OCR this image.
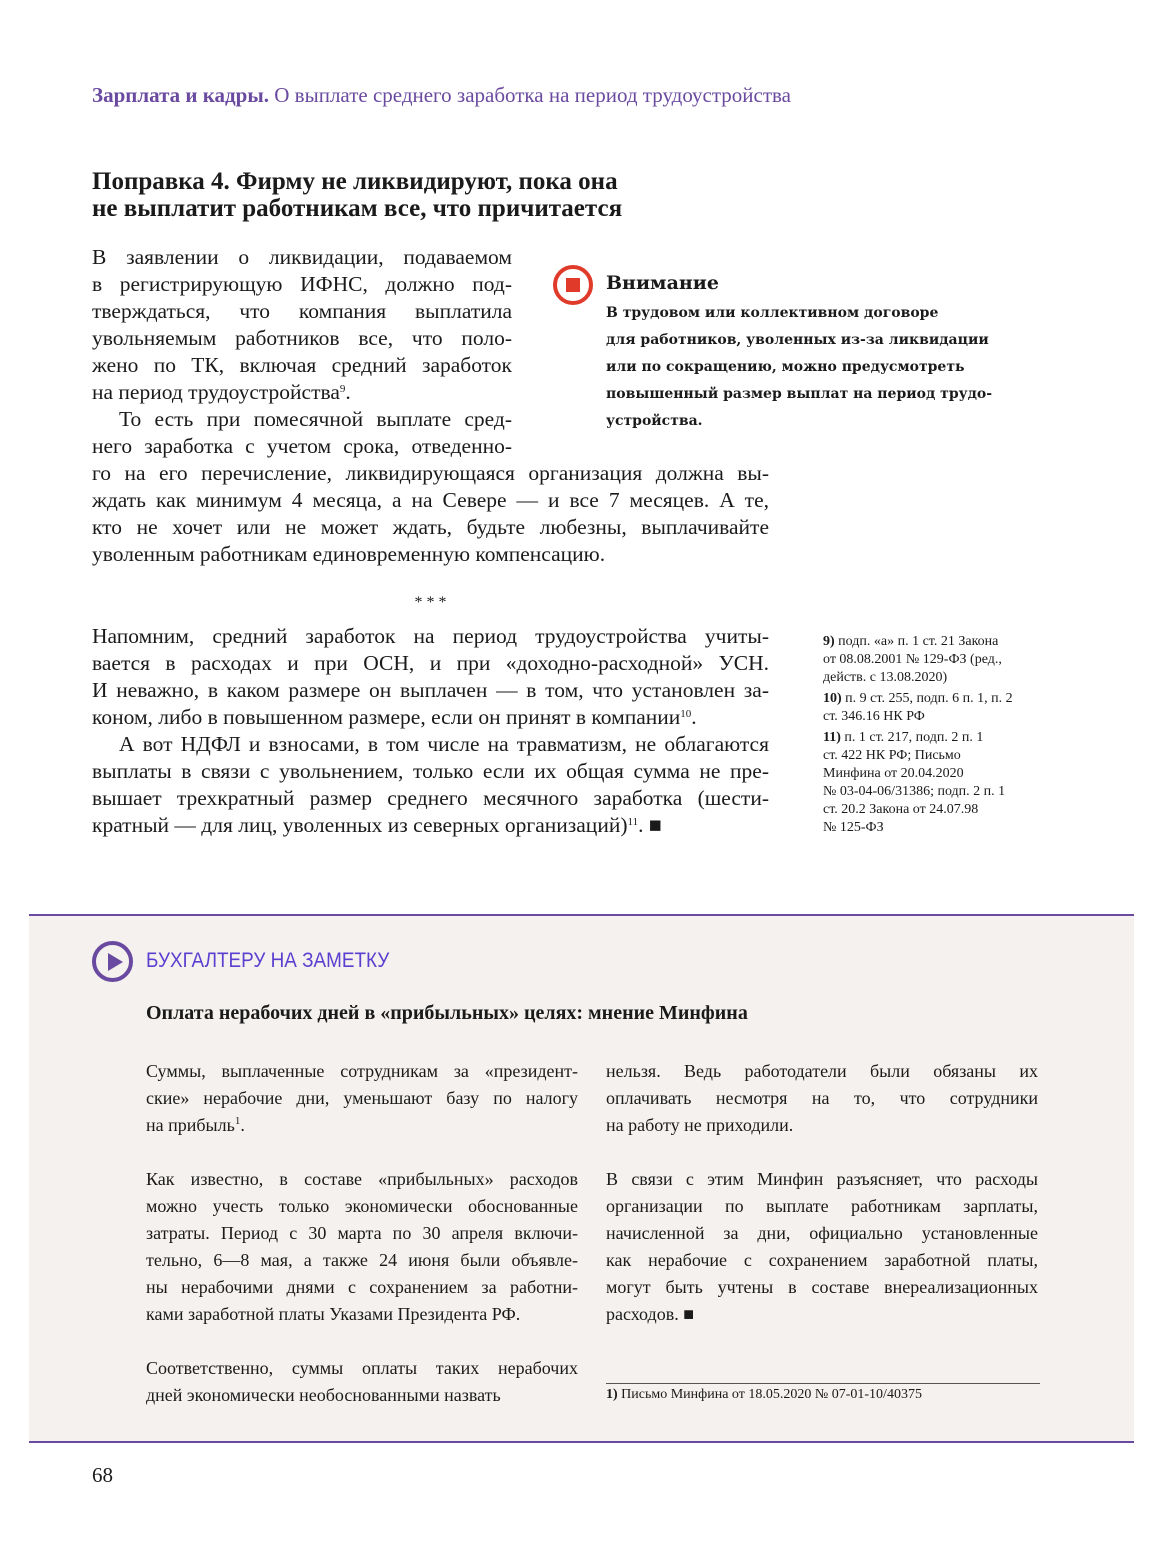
Зарплата и кадры. О выплате среднего заработка на период трудоустройства
Поправка 4. Фирму не ликвидируют, пока она
не выплатит работникам все, что причитается
В заявлении о ликвидации, подаваемом
в регистрирующую ИФНС, должно под-
тверждаться, что компания выплатила
увольняемым работников все, что поло-
жено по ТК, включая средний заработок
на период трудоустройства$^9$.
То есть при помесячной выплате сред-
него заработка с учетом срока, отведенно-
го на его перечисление, ликвидирующаяся организация должна вы-
ждать как минимум 4 месяца, а на Севере — и все 7 месяцев. А те,
кто не хочет или не может ждать, будьте любезны, выплачивайте
уволенным работникам единовременную компенсацию.
* * *
Напомним, средний заработок на период трудоустройства учиты-
вается в расходах и при ОСН, и при «доходно-расходной» УСН.
И неважно, в каком размере он выплачен — в том, что установлен за-
коном, либо в повышенном размере, если он принят в компании$^{10}$.
А вот НДФЛ и взносами, в том числе на травматизм, не облагаются
выплаты в связи с увольнением, только если их общая сумма не пре-
вышает трехкратный размер среднего месячного заработка (шести-
кратный — для лиц, уволенных из северных организаций)$^{11}$. ■
Внимание
В трудовом или коллективном договоре
для работников, уволенных из-за ликвидации
или по сокращению, можно предусмотреть
повышенный размер выплат на период трудо-
устройства.
9) подп. «а» п. 1 ст. 21 Закона
от 08.08.2001 № 129-ФЗ (ред.,
действ. с 13.08.2020)
10) п. 9 ст. 255, подп. 6 п. 1, п. 2
ст. 346.16 НК РФ
11) п. 1 ст. 217, подп. 2 п. 1
ст. 422 НК РФ; Письмо
Минфина от 20.04.2020
№ 03-04-06/31386; подп. 2 п. 1
ст. 20.2 Закона от 24.07.98
№ 125-ФЗ
БУХГАЛТЕРУ НА ЗАМЕТКУ
Оплата нерабочих дней в «прибыльных» целях: мнение Минфина
Суммы, выплаченные сотрудникам за «президент-
ские» нерабочие дни, уменьшают базу по налогу
на прибыль$^1$.
Как известно, в составе «прибыльных» расходов
можно учесть только экономически обоснованные
затраты. Период с 30 марта по 30 апреля включи-
тельно, 6—8 мая, а также 24 июня были объявле-
ны нерабочими днями с сохранением за работни-
ками заработной платы Указами Президента РФ.
Соответственно, суммы оплаты таких нерабочих
дней экономически необоснованными назвать
нельзя. Ведь работодатели были обязаны их
оплачивать несмотря на то, что сотрудники
на работу не приходили.
В связи с этим Минфин разъясняет, что расходы
организации по выплате работникам зарплаты,
начисленной за дни, официально установленные
как нерабочие с сохранением заработной платы,
могут быть учтены в составе внереализационных
расходов. ■
1) Письмо Минфина от 18.05.2020 № 07-01-10/40375
68
